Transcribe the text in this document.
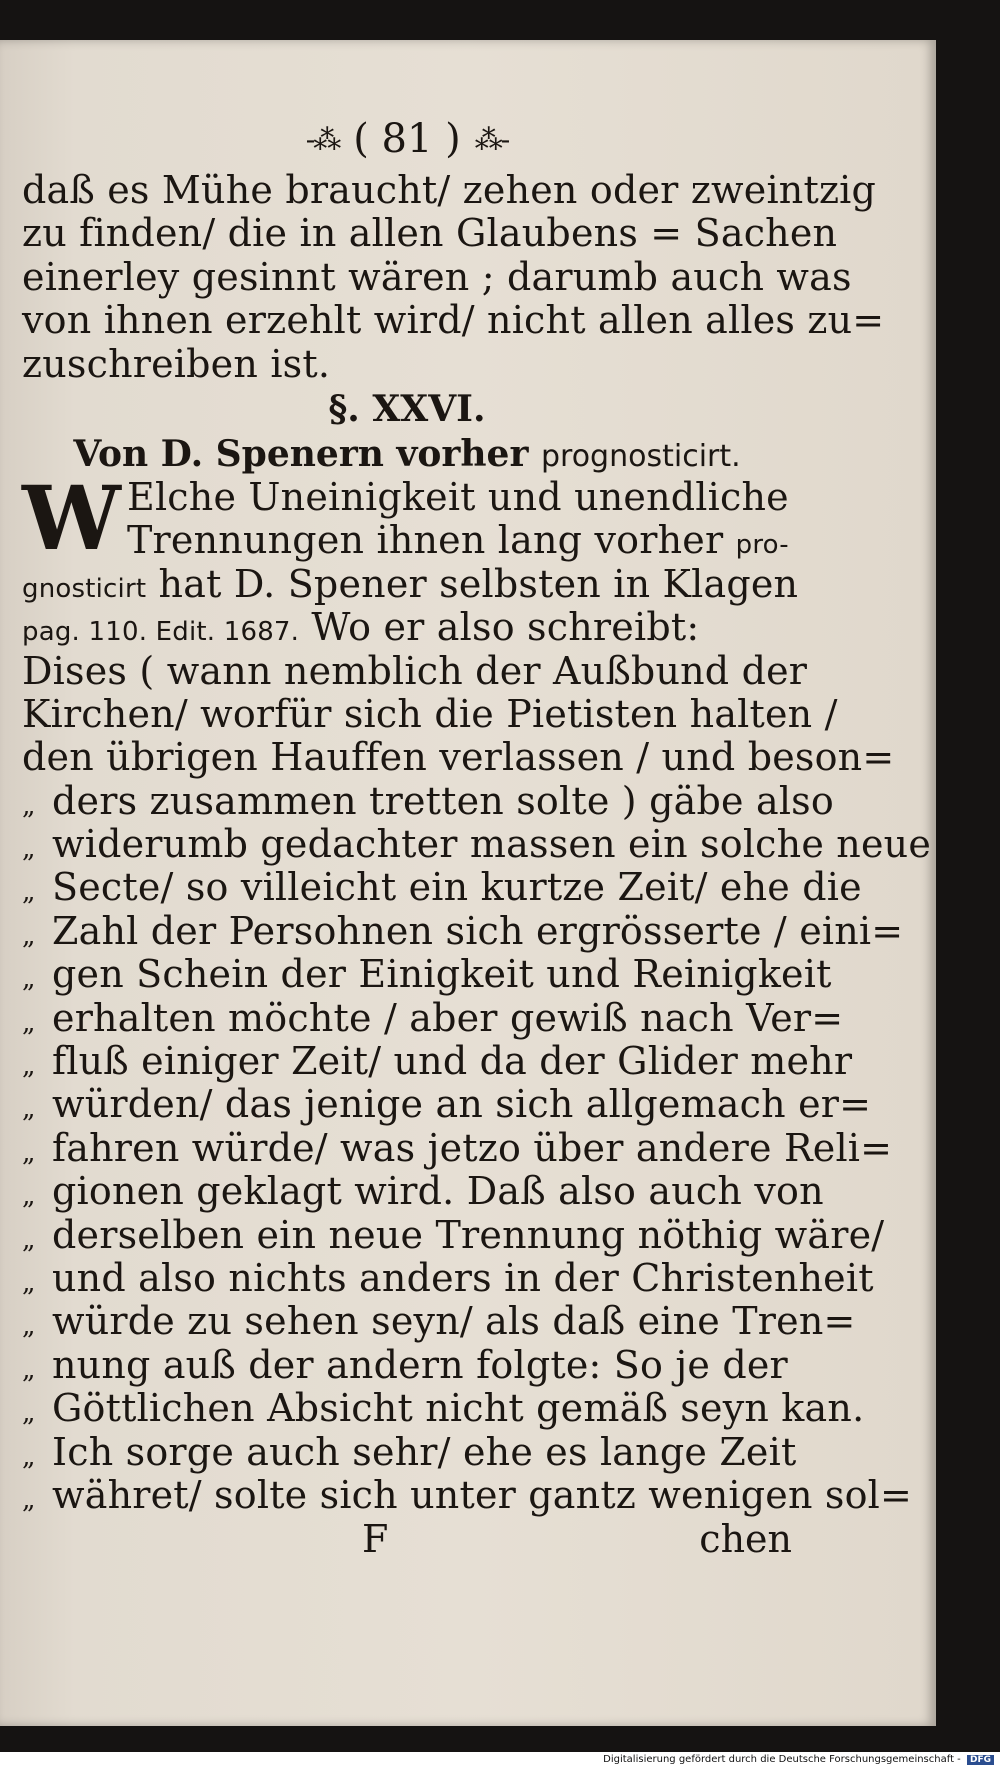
-⁂ ( 81 ) ⁂-
daß es Mühe braucht/ zehen oder zweintzig
zu finden/ die in allen Glaubens = Sachen
einerley gesinnt wären ; darumb auch was
von ihnen erzehlt wird/ nicht allen alles zu=
zuschreiben ist.
§. XXVI.
Von D. Spenern vorher prognosticirt.
W Elche Uneinigkeit und unendliche
Trennungen ihnen lang vorher pro-
gnosticirt hat D. Spener selbsten in Klagen
pag. 110. Edit. 1687. Wo er also schreibt:
Dises ( wann nemblich der Außbund der
Kirchen/ worfür sich die Pietisten halten /
den übrigen Hauffen verlassen / und beson=
„ ders zusammen tretten solte ) gäbe also
„ widerumb gedachter massen ein solche neue
„ Secte/ so villeicht ein kurtze Zeit/ ehe die
„ Zahl der Persohnen sich ergrösserte / eini=
„ gen Schein der Einigkeit und Reinigkeit
„ erhalten möchte / aber gewiß nach Ver=
„ fluß einiger Zeit/ und da der Glider mehr
„ würden/ das jenige an sich allgemach er=
„ fahren würde/ was jetzo über andere Reli=
„ gionen geklagt wird. Daß also auch von
„ derselben ein neue Trennung nöthig wäre/
„ und also nichts anders in der Christenheit
„ würde zu sehen seyn/ als daß eine Tren=
„ nung auß der andern folgte: So je der
„ Göttlichen Absicht nicht gemäß seyn kan.
„ Ich sorge auch sehr/ ehe es lange Zeit
„ währet/ solte sich unter gantz wenigen sol=
F	chen
Digitalisierung gefördert durch die Deutsche Forschungsgemeinschaft - DFG
